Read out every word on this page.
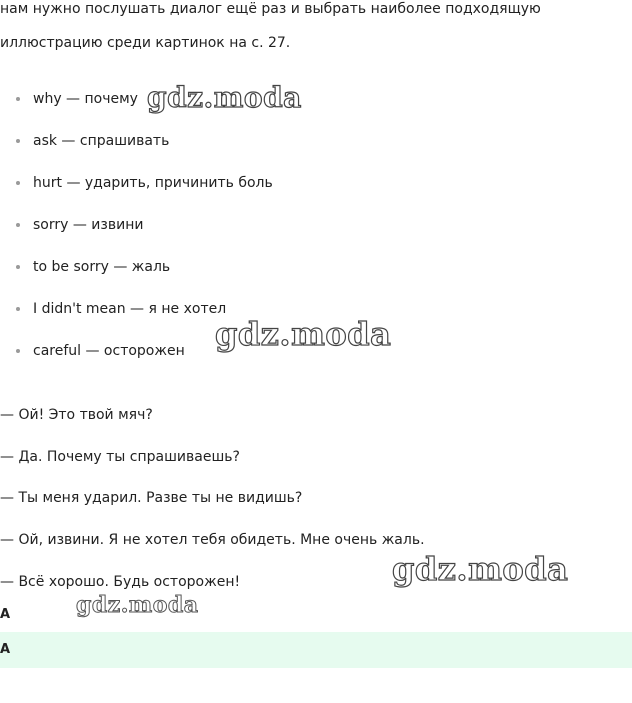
нам нужно послушать диалог ещё раз и выбрать наиболее подходящую иллюстрацию среди картинок на с. 27.

why — почему
ask — спрашивать
hurt — ударить, причинить боль
sorry — извини
to be sorry — жаль
I didn't mean — я не хотел
careful — осторожен
— Ой! Это твой мяч?
— Да. Почему ты спрашиваешь?
— Ты меня ударил. Разве ты не видишь?
— Ой, извини. Я не хотел тебя обидеть. Мне очень жаль.
— Всё хорошо. Будь осторожен!
A
A
gdz.moda
gdz.moda
gdz.moda
gdz.moda
